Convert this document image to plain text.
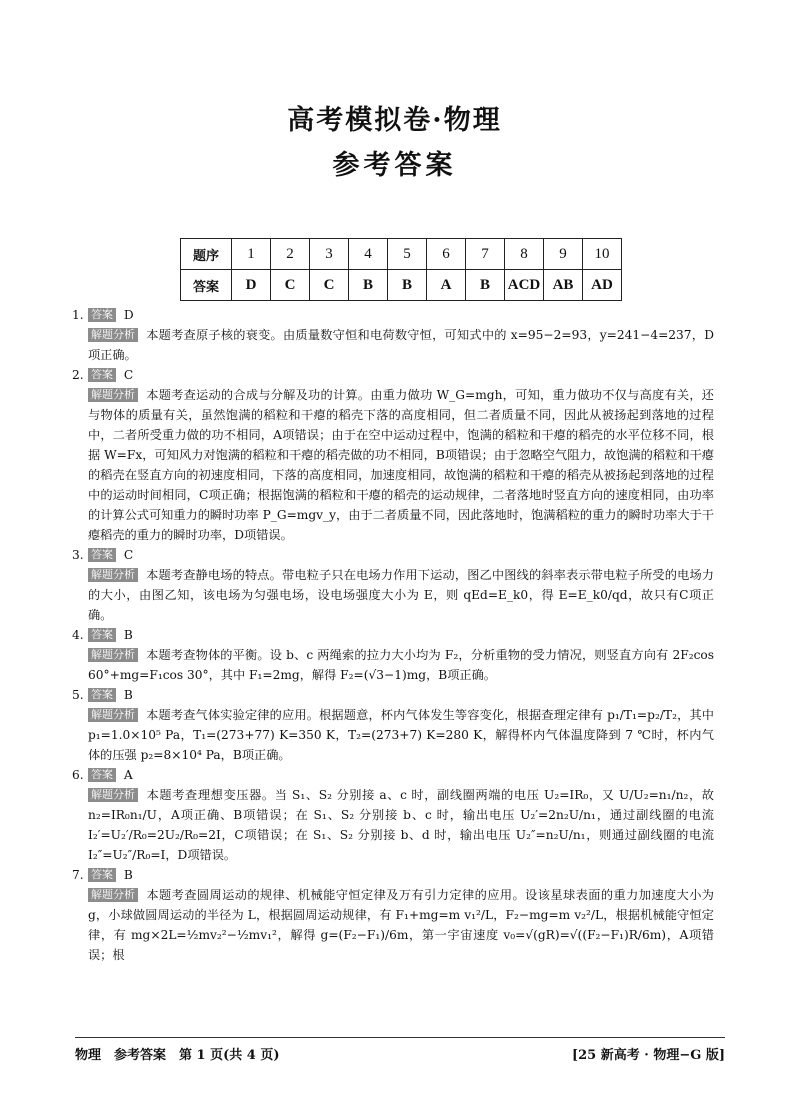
高考模拟卷·物理
参考答案
题序	1	2	3	4	5	6	7	8	9	10
答案	D	C	C	B	B	A	B	ACD	AB	AD
1. 答案 D
解题分析 本题考查原子核的衰变。由质量数守恒和电荷数守恒，可知式中的 x=95−2=93，y=241−4=237，D项正确。
2. 答案 C
解题分析 本题考查运动的合成与分解及功的计算。由重力做功 W_G=mgh，可知，重力做功不仅与高度有关，还与物体的质量有关，虽然饱满的稻粒和干瘪的稻壳下落的高度相同，但二者质量不同，因此从被扬起到落地的过程中，二者所受重力做的功不相同，A项错误；由于在空中运动过程中，饱满的稻粒和干瘪的稻壳的水平位移不同，根据 W=Fx，可知风力对饱满的稻粒和干瘪的稻壳做的功不相同，B项错误；由于忽略空气阻力，故饱满的稻粒和干瘪的稻壳在竖直方向的初速度相同，下落的高度相同，加速度相同，故饱满的稻粒和干瘪的稻壳从被扬起到落地的过程中的运动时间相同，C项正确；根据饱满的稻粒和干瘪的稻壳的运动规律，二者落地时竖直方向的速度相同，由功率的计算公式可知重力的瞬时功率 P_G=mgv_y，由于二者质量不同，因此落地时，饱满稻粒的重力的瞬时功率大于干瘪稻壳的重力的瞬时功率，D项错误。
3. 答案 C
解题分析 本题考查静电场的特点。带电粒子只在电场力作用下运动，图乙中图线的斜率表示带电粒子所受的电场力的大小，由图乙知，该电场为匀强电场，设电场强度大小为 E，则 qEd=E_k0，得 E=E_k0/qd，故只有C项正确。
4. 答案 B
解题分析 本题考查物体的平衡。设 b、c 两绳索的拉力大小均为 F₂，分析重物的受力情况，则竖直方向有 2F₂cos 60°+mg=F₁cos 30°，其中 F₁=2mg，解得 F₂=(√3−1)mg，B项正确。
5. 答案 B
解题分析 本题考查气体实验定律的应用。根据题意，杯内气体发生等容变化，根据查理定律有 p₁/T₁=p₂/T₂，其中 p₁=1.0×10⁵ Pa，T₁=(273+77) K=350 K，T₂=(273+7) K=280 K，解得杯内气体温度降到 7 ℃时，杯内气体的压强 p₂=8×10⁴ Pa，B项正确。
6. 答案 A
解题分析 本题考查理想变压器。当 S₁、S₂ 分别接 a、c 时，副线圈两端的电压 U₂=IR₀，又 U/U₂=n₁/n₂，故 n₂=IR₀n₁/U，A项正确、B项错误；在 S₁、S₂ 分别接 b、c 时，输出电压 U₂′=2n₂U/n₁，通过副线圈的电流 I₂′=U₂′/R₀=2U₂/R₀=2I，C项错误；在 S₁、S₂ 分别接 b、d 时，输出电压 U₂″=n₂U/n₁，则通过副线圈的电流 I₂″=U₂″/R₀=I，D项错误。
7. 答案 B
解题分析 本题考查圆周运动的规律、机械能守恒定律及万有引力定律的应用。设该星球表面的重力加速度大小为 g，小球做圆周运动的半径为 L，根据圆周运动规律，有 F₁+mg=m v₁²/L，F₂−mg=m v₂²/L，根据机械能守恒定律，有 mg×2L=½mv₂²−½mv₁²，解得 g=(F₂−F₁)/6m，第一宇宙速度 v₀=√(gR)=√((F₂−F₁)R/6m)，A项错误；根
物理　参考答案　第 1 页(共 4 页)	[25 新高考 · 物理−G 版]
